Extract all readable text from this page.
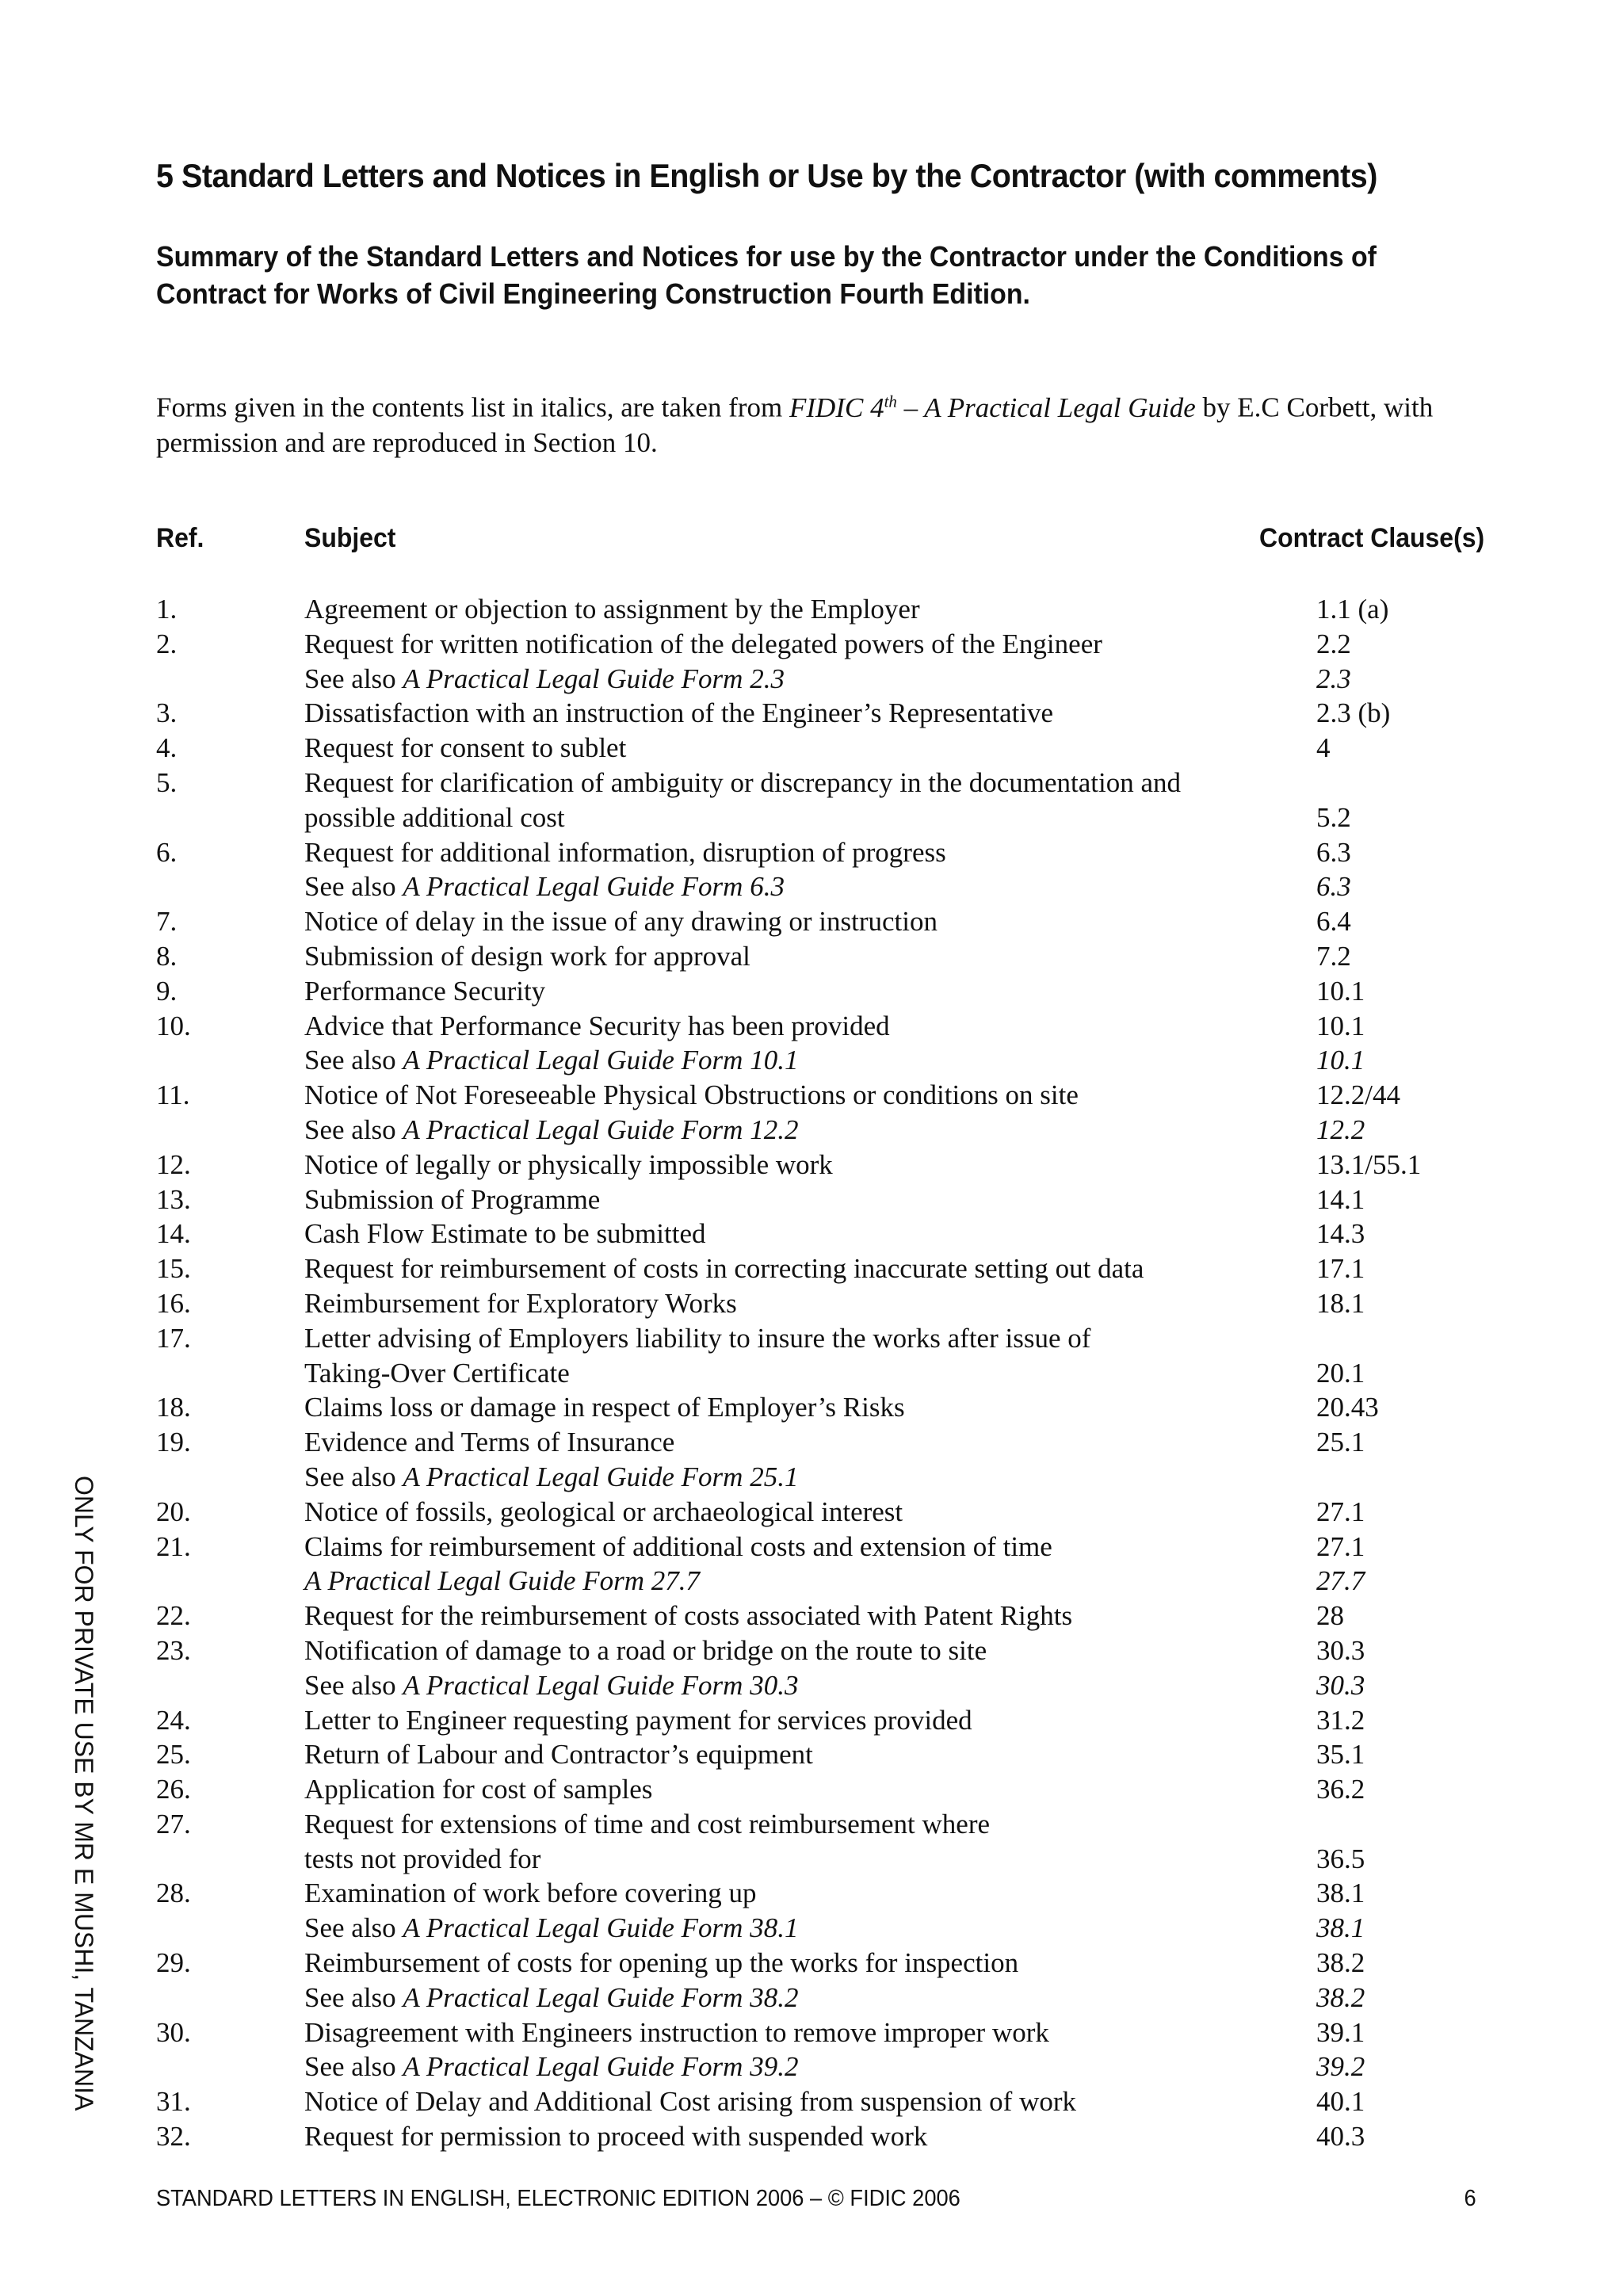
5 Standard Letters and Notices in English or Use by the Contractor (with comments)
Summary of the Standard Letters and Notices for use by the Contractor under the Conditions of Contract for Works of Civil Engineering Construction Fourth Edition.
Forms given in the contents list in italics, are taken from FIDIC 4th – A Practical Legal Guide by E.C Corbett, with permission and are reproduced in Section 10.
Ref.	Subject	Contract Clause(s)
1.	Agreement or objection to assignment by the Employer	1.1 (a)
2.	Request for written notification of the delegated powers of the Engineer	2.2
See also A Practical Legal Guide Form 2.3	2.3
3.	Dissatisfaction with an instruction of the Engineer’s Representative	2.3 (b)
4.	Request for consent to sublet	4
5.	Request for clarification of ambiguity or discrepancy in the documentation and
possible additional cost	5.2
6.	Request for additional information, disruption of progress	6.3
See also A Practical Legal Guide Form 6.3	6.3
7.	Notice of delay in the issue of any drawing or instruction	6.4
8.	Submission of design work for approval	7.2
9.	Performance Security	10.1
10.	Advice that Performance Security has been provided	10.1
See also A Practical Legal Guide Form 10.1	10.1
11.	Notice of Not Foreseeable Physical Obstructions or conditions on site	12.2/44
See also A Practical Legal Guide Form 12.2	12.2
12.	Notice of legally or physically impossible work	13.1/55.1
13.	Submission of Programme	14.1
14.	Cash Flow Estimate to be submitted	14.3
15.	Request for reimbursement of costs in correcting inaccurate setting out data	17.1
16.	Reimbursement for Exploratory Works	18.1
17.	Letter advising of Employers liability to insure the works after issue of
Taking-Over Certificate	20.1
18.	Claims loss or damage in respect of Employer’s Risks	20.43
19.	Evidence and Terms of Insurance	25.1
See also A Practical Legal Guide Form 25.1
20.	Notice of fossils, geological or archaeological interest	27.1
21.	Claims for reimbursement of additional costs and extension of time	27.1
A Practical Legal Guide Form 27.7	27.7
22.	Request for the reimbursement of costs associated with Patent Rights	28
23.	Notification of damage to a road or bridge on the route to site	30.3
See also A Practical Legal Guide Form 30.3	30.3
24.	Letter to Engineer requesting payment for services provided	31.2
25.	Return of Labour and Contractor’s equipment	35.1
26.	Application for cost of samples	36.2
27.	Request for extensions of time and cost reimbursement where
tests not provided for	36.5
28.	Examination of work before covering up	38.1
See also A Practical Legal Guide Form 38.1	38.1
29.	Reimbursement of costs for opening up the works for inspection	38.2
See also A Practical Legal Guide Form 38.2	38.2
30.	Disagreement with Engineers instruction to remove improper work	39.1
See also A Practical Legal Guide Form 39.2	39.2
31.	Notice of Delay and Additional Cost arising from suspension of work	40.1
32.	Request for permission to proceed with suspended work	40.3
STANDARD LETTERS IN ENGLISH, ELECTRONIC EDITION 2006 – © FIDIC 2006	6
ONLY FOR PRIVATE USE BY MR E MUSHI, TANZANIA
